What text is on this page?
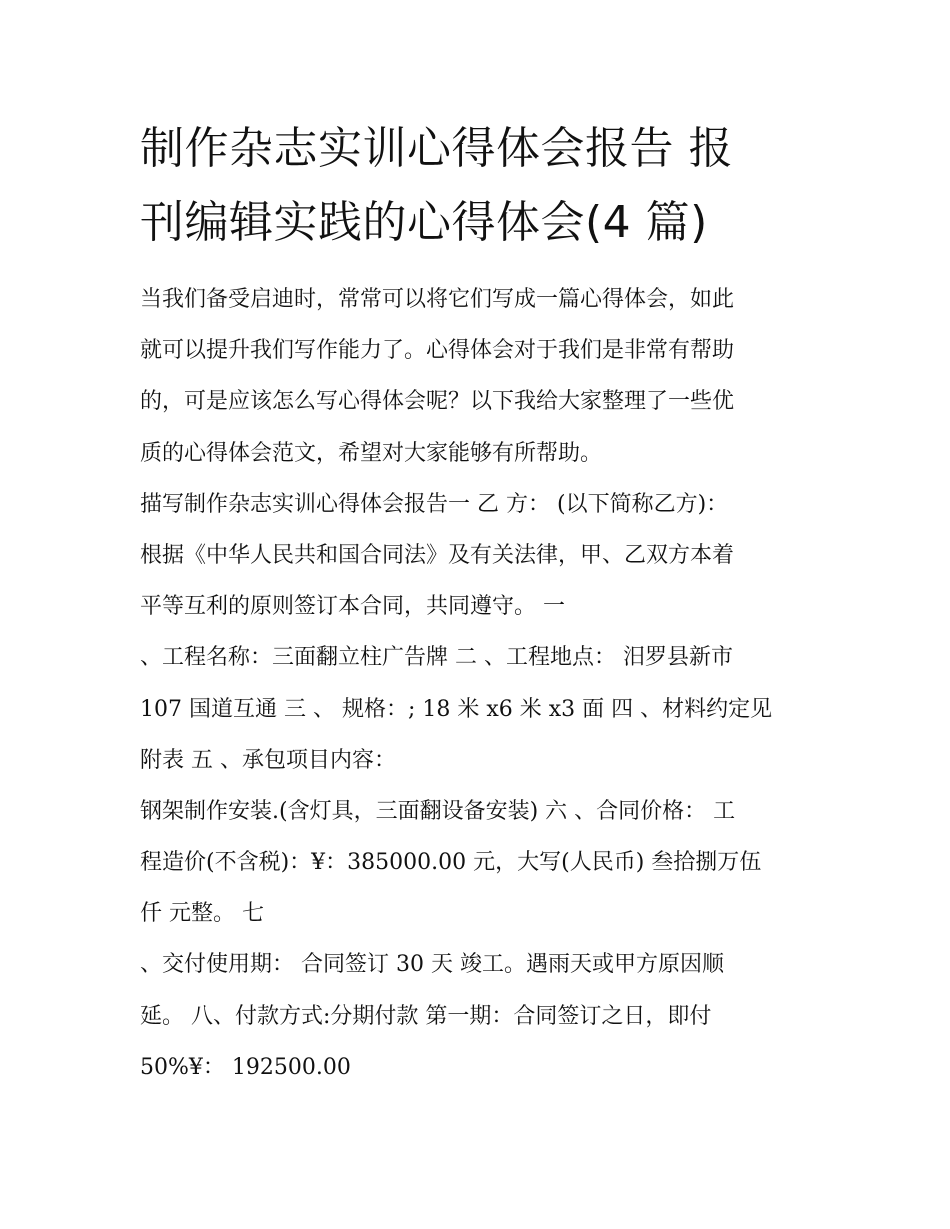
制作杂志实训心得体会报告 报
刊编辑实践的心得体会(4 篇)
当我们备受启迪时，常常可以将它们写成一篇心得体会，如此
就可以提升我们写作能力了。心得体会对于我们是非常有帮助
的，可是应该怎么写心得体会呢？以下我给大家整理了一些优
质的心得体会范文，希望对大家能够有所帮助。
描写制作杂志实训心得体会报告一 乙 方： (以下简称乙方)：
根据《中华人民共和国合同法》及有关法律，甲、乙双方本着
平等互利的原则签订本合同，共同遵守。 一
、工程名称：三面翻立柱广告牌 二 、工程地点： 汨罗县新市
107 国道互通 三 、 规格：; 18 米 x6 米 x3 面 四 、材料约定见
附表 五 、承包项目内容：
钢架制作安装.(含灯具，三面翻设备安装) 六 、合同价格： 工
程造价(不含税)：¥：385000.00 元，大写(人民币) 叁拾捌万伍
仟 元整。 七
、交付使用期： 合同签订 30 天 竣工。遇雨天或甲方原因顺
延。 八、付款方式:分期付款 第一期：合同签订之日，即付
50%¥： 192500.00
